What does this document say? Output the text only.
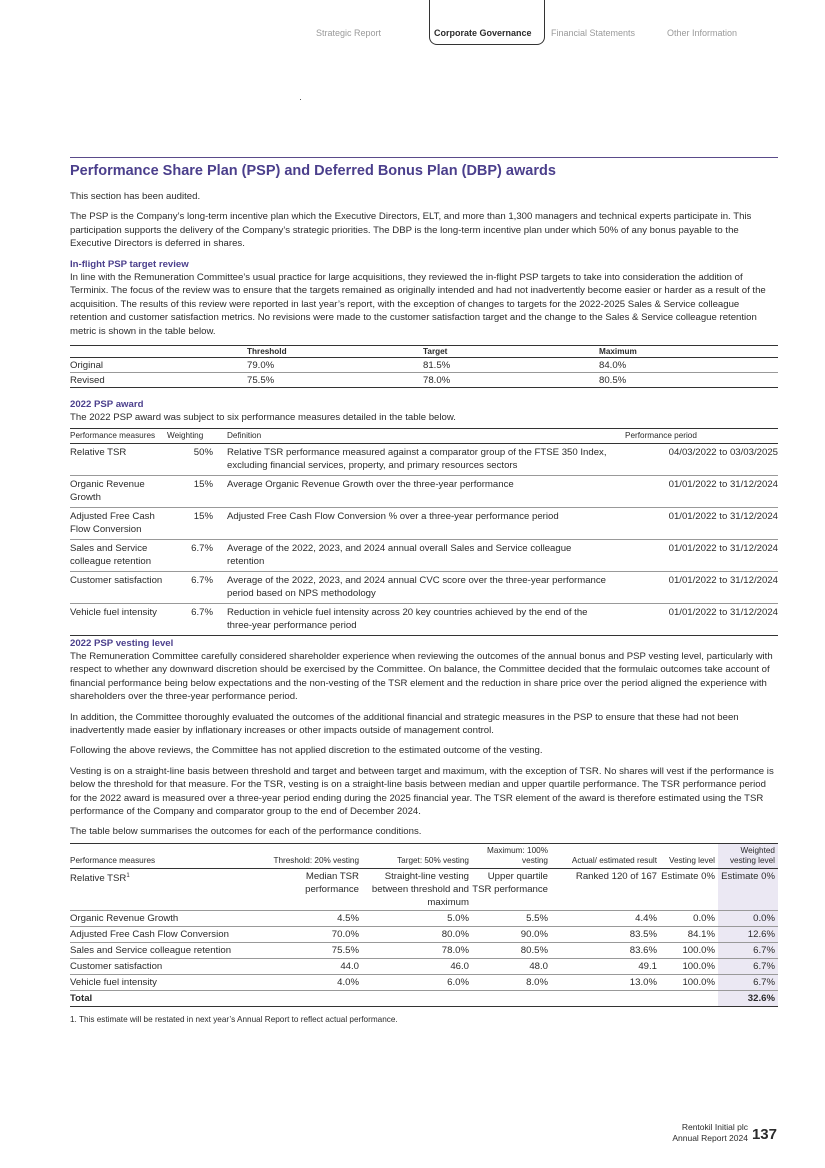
Strategic Report	Corporate Governance Financial Statements	Other Information
Performance Share Plan (PSP) and Deferred Bonus Plan (DBP) awards

This section has been audited.

The PSP is the Company’s long-term incentive plan which the Executive Directors, ELT, and more than 1,300 managers and technical experts participate in. This participation supports the delivery of the Company’s strategic priorities. The DBP is the long-term incentive plan under which 50% of any bonus payable to the Executive Directors is deferred in shares.

In-flight PSP target review

In line with the Remuneration Committee’s usual practice for large acquisitions, they reviewed the in-flight PSP targets to take into consideration the addition of Terminix. The focus of the review was to ensure that the targets remained as originally intended and had not inadvertently become easier or harder as a result of the acquisition. The results of this review were reported in last year’s report, with the exception of changes to targets for the 2022-2025 Sales & Service colleague retention and customer satisfaction metrics. No revisions were made to the customer satisfaction target and the change to the Sales & Service colleague retention metric is shown in the table below.

	Threshold	Target	Maximum
Original	79.0%	81.5%	84.0%
Revised	75.5%	78.0%	80.5%
2022 PSP award

The 2022 PSP award was subject to six performance measures detailed in the table below.

Performance measures	Weighting	Definition	Performance period
Relative TSR	50%	Relative TSR performance measured against a comparator group of the FTSE 350 Index, excluding financial services, property, and primary resources sectors	04/03/2022 to 03/03/2025
Organic Revenue Growth	15%	Average Organic Revenue Growth over the three-year performance	01/01/2022 to 31/12/2024
Adjusted Free Cash Flow Conversion	15%	Adjusted Free Cash Flow Conversion % over a three-year performance period	01/01/2022 to 31/12/2024
Sales and Service colleague retention	6.7%	Average of the 2022, 2023, and 2024 annual overall Sales and Service colleague retention	01/01/2022 to 31/12/2024
Customer satisfaction	6.7%	Average of the 2022, 2023, and 2024 annual CVC score over the three-year performance period based on NPS methodology	01/01/2022 to 31/12/2024
Vehicle fuel intensity	6.7%	Reduction in vehicle fuel intensity across 20 key countries achieved by the end of the three-year performance period	01/01/2022 to 31/12/2024
2022 PSP vesting level

The Remuneration Committee carefully considered shareholder experience when reviewing the outcomes of the annual bonus and PSP vesting level, particularly with respect to whether any downward discretion should be exercised by the Committee. On balance, the Committee decided that the formulaic outcomes take account of financial performance being below expectations and the non-vesting of the TSR element and the reduction in share price over the period aligned the experience with shareholders over the three-year performance period.

In addition, the Committee thoroughly evaluated the outcomes of the additional financial and strategic measures in the PSP to ensure that these had not been inadvertently made easier by inflationary increases or other impacts outside of management control.

Following the above reviews, the Committee has not applied discretion to the estimated outcome of the vesting.

Vesting is on a straight-line basis between threshold and target and between target and maximum, with the exception of TSR. No shares will vest if the performance is below the threshold for that measure. For the TSR, vesting is on a straight-line basis between median and upper quartile performance. The TSR performance period for the 2022 award is measured over a three-year period ending during the 2025 financial year. The TSR element of the award is therefore estimated using the TSR performance of the Company and comparator group to the end of December 2024.

The table below summarises the outcomes for each of the performance conditions.

Performance measures	Threshold: 20% vesting	Target: 50% vesting	Maximum: 100% vesting	Actual/ estimated result	Vesting level	Weighted vesting level
Relative TSR$^1$	Median TSR performance	Straight-line vesting between threshold and maximum	Upper quartile TSR performance	Ranked 120 of 167	Estimate 0%	Estimate 0%
Organic Revenue Growth	4.5%	5.0%	5.5%	4.4%	0.0%	0.0%
Adjusted Free Cash Flow Conversion	70.0%	80.0%	90.0%	83.5%	84.1%	12.6%
Sales and Service colleague retention	75.5%	78.0%	80.5%	83.6%	100.0%	6.7%
Customer satisfaction	44.0	46.0	48.0	49.1	100.0%	6.7%
Vehicle fuel intensity	4.0%	6.0%	8.0%	13.0%	100.0%	6.7%
Total						32.6%
1. This estimate will be restated in next year’s Annual Report to reflect actual performance.
Rentokil Initial plc
Annual Report 2024 137
